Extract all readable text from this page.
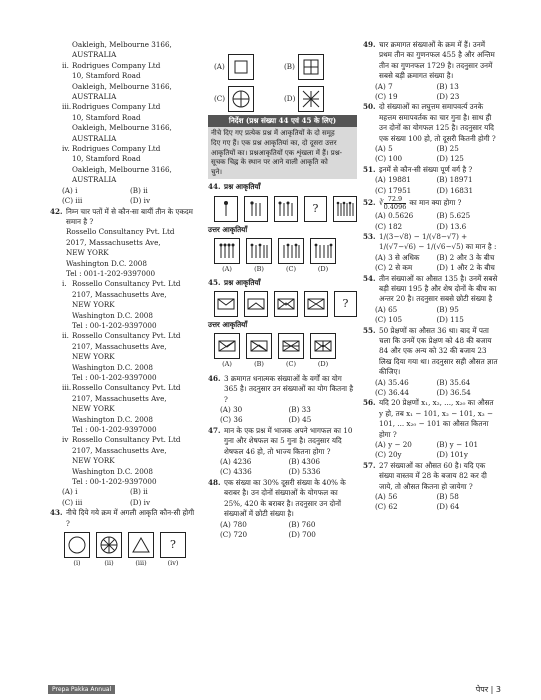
Oakleigh, Melbourne 3166,
AUSTRALIA
ii. Rodrigues Company Ltd
10, Stamford Road
Oakleigh, Melbourne 3166,
AUSTRALIA
iii. Rodrigues Company Ltd
10, Stamford Road
Oakleigh, Melbourne 3166,
AUSTRALIA
iv. Rodrigues Company Ltd
10, Stamford Road
Oakleigh, Melbourne 3166,
AUSTRALIA
(A) i	(B) ii
(C) iii	(D) iv
42. निम्न चार पतों में से कौन-सा बायीं तीन के एकदम समान है ?
Rossello Consultancy Pvt. Ltd
2017, Massachusetts Ave,
NEW YORK
Washington D.C. 2008
Tel : 001-1-202-9397000
i. Rossello Consultancy Pvt. Ltd
2107, Massachusetts Ave,
NEW YORK
Washington D.C. 2008
Tel : 00-1-202-9397000
ii. Rossello Consultancy Pvt. Ltd
2107, Massachusetts Ave,
NEW YORK
Washington D.C. 2008
Tel : 00-1-202-9397000
iii. Rossello Consultancy Pvt. Ltd
2107, Massachusetts Ave,
NEW YORK
Washington D.C. 2008
Tel : 00-1-202-9397000
iv Rossello Consultancy Pvt. Ltd
2107, Massachusetts Ave,
NEW YORK
Washington D.C. 2008
Tel : 00-1-202-9397000
(A) i	(B) ii
(C) iii	(D) iv
43. नीचे दिये गये क्रम में अगली आकृति कौन-सी होगी ?
?
(i)	(ii)	(iii)	(iv)
(A)	(B)
(C)	(D)
निर्देश (प्रश्न संख्या 44 एवं 45 के लिए)
नीचे दिए गए प्रत्येक प्रश्न में आकृतियों के दो समूह
दिए गए हैं। एक प्रश्न आकृतियां का, दो दूसरा उत्तर
आकृतियों का। प्रश्नआकृतियों एक शृंखला में हैं। प्रश्न-
सूचक चिह्न के स्थान पर आने वाली आकृति को
चुने।
44. प्रश्न आकृतियाँ
?
उत्तर आकृतियाँ
(A)	(B)	(C)	(D)
45. प्रश्न आकृतियाँ
?
उत्तर आकृतियाँ
(A)	(B)	(C)	(D)
46. 3 क्रमागत धनात्मक संख्याओं के वर्गों का योग 365 है। तदनुसार उन संख्याओं का योग कितना है ?
(A) 30	(B) 33
(C) 36	(D) 45
47. मान के एक प्रश्न में भाजक अपने भागफल का 10 गुना और शेषफल का 5 गुना है। तदनुसार यदि शेषफल 46 हो, तो भाज्य कितना होगा ?
(A) 4236	(B) 4306
(C) 4336	(D) 5336
48. एक संख्या का 30% दूसरी संख्या के 40% के बराबर है। उन दोनों संख्याओं के योगफल का 25%, 420 के बराबर है। तदनुसार उन दोनों संख्याओं में छोटी संख्या है।
(A) 780	(B) 760
(C) 720	(D) 700
49. चार क्रमागत संख्याओं के क्रम में हैं। उनमें प्रथम तीन का गुणनफल 455 है और अन्तिम तीन का गुणनफल 1729 है। तदनुसार उनमें सबसे बड़ी क्रमागत संख्या है।
(A) 7	(B) 13
(C) 19	(D) 23
50. दो संख्याओं का लघुत्तम समापवर्त्य उनके महत्तम समापवर्तक का चार गुना है। साथ ही उन दोनों का योगफल 125 है। तदनुसार यदि एक संख्या 100 हो, तो दूसरी कितनी होगी ?
(A) 5	(B) 25
(C) 100	(D) 125
51. इनमें से कौन-सी संख्या पूर्ण वर्ग है ?
(A) 19881	(B) 18971
(C) 17951	(D) 16831
52. ∛ $\frac{72.9}{0.4096}$ का मान क्या होगा ?
(A) 0.5626	(B) 5.625
(C) 182	(D) 13.6
53. 1/(3−√8) − 1/(√8−√7) + 1/(√7−√6) − 1/(√6−√5) का मान है :
(A) 3 से अधिक	(B) 2 और 3 के बीच
(C) 2 से कम	(D) 1 और 2 के बीच
54. तीन संख्याओं का औसत 135 है। उनमें सबसे बड़ी संख्या 195 है और शेष दोनों के बीच का अन्तर 20 है। तदनुसार सबसे छोटी संख्या है
(A) 65	(B) 95
(C) 105	(D) 115
55. 50 प्रेक्षणों का औसत 36 था। बाद में पता चला कि उनमें एक प्रेक्षण को 48 की बजाय 84 और एक अन्य को 32 की बजाय 23 लिख दिया गया था। तदनुसार सही औसत ज्ञात कीजिए।
(A) 35.46	(B) 35.64
(C) 36.44	(D) 36.54
56. यदि 20 प्रेक्षणों x₁, x₂, ..., x₂₀ का औसत y हो, तब x₁ − 101, x₂ − 101, x₃ − 101, ... x₂₀ − 101 का औसत कितना होगा ?
(A) y − 20	(B) y − 101
(C) 20y	(D) 101y
57. 27 संख्याओं का औसत 60 है। यदि एक संख्या वास्तव में 28 के बजाय 82 कर दी जाये, तो औसत कितना हो जायेगा ?
(A) 56	(B) 58
(C) 62	(D) 64
Prepa Pakka Annual	पेपर | 3
